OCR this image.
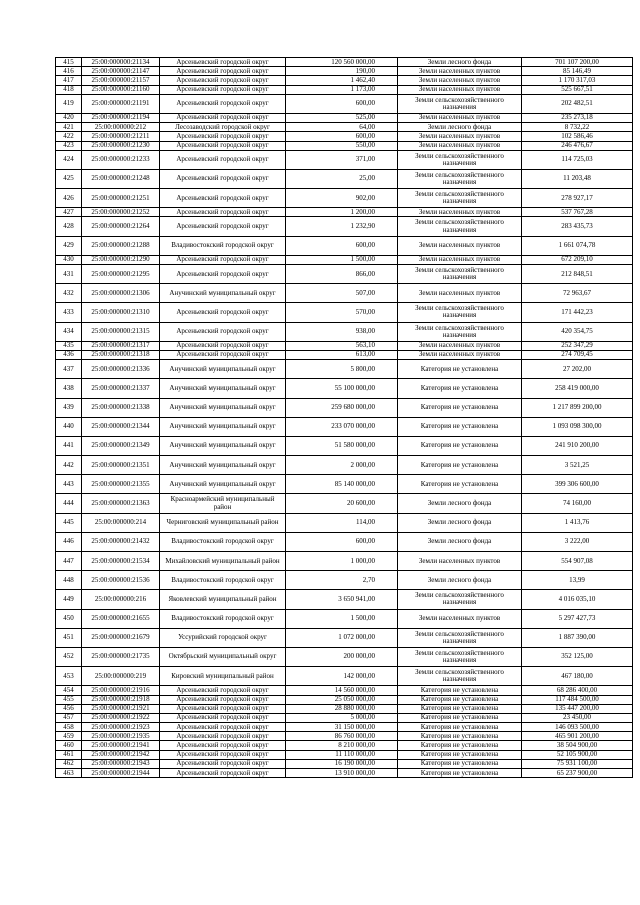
415	25:00:000000:21134	Арсеньевский городской округ	120 560 000,00	Земли лесного фонда	701 107 200,00
416	25:00:000000:21147	Арсеньевский городской округ	190,00	Земли населенных пунктов	85 146,49
417	25:00:000000:21157	Арсеньевский городской округ	1 462,40	Земли населенных пунктов	1 170 317,03
418	25:00:000000:21160	Арсеньевский городской округ	1 173,00	Земли населенных пунктов	525 667,51
419	25:00:000000:21191	Арсеньевский городской округ	600,00	Земли сельскохозяйственного назначения	202 482,51
420	25:00:000000:21194	Арсеньевский городской округ	525,00	Земли населенных пунктов	235 273,18
421	25:00:000000:212	Лесозаводский городской округ	64,00	Земли лесного фонда	8 732,22
422	25:00:000000:21211	Арсеньевский городской округ	600,00	Земли населенных пунктов	102 586,46
423	25:00:000000:21230	Арсеньевский городской округ	550,00	Земли населенных пунктов	246 476,67
424	25:00:000000:21233	Арсеньевский городской округ	371,00	Земли сельскохозяйственного назначения	114 725,03
425	25:00:000000:21248	Арсеньевский городской округ	25,00	Земли сельскохозяйственного назначения	11 203,48
426	25:00:000000:21251	Арсеньевский городской округ	902,00	Земли сельскохозяйственного назначения	278 927,17
427	25:00:000000:21252	Арсеньевский городской округ	1 200,00	Земли населенных пунктов	537 767,28
428	25:00:000000:21264	Арсеньевский городской округ	1 232,90	Земли сельскохозяйственного назначения	283 435,73
429	25:00:000000:21288	Владивостокский городской округ	600,00	Земли населенных пунктов	1 661 074,78
430	25:00:000000:21290	Арсеньевский городской округ	1 500,00	Земли населенных пунктов	672 209,10
431	25:00:000000:21295	Арсеньевский городской округ	866,00	Земли сельскохозяйственного назначения	212 848,51
432	25:00:000000:21306	Анучинский муниципальный округ	507,00	Земли населенных пунктов	72 963,67
433	25:00:000000:21310	Арсеньевский городской округ	570,00	Земли сельскохозяйственного назначения	171 442,23
434	25:00:000000:21315	Арсеньевский городской округ	938,00	Земли сельскохозяйственного назначения	420 354,75
435	25:00:000000:21317	Арсеньевский городской округ	563,10	Земли населенных пунктов	252 347,29
436	25:00:000000:21318	Арсеньевский городской округ	613,00	Земли населенных пунктов	274 709,45
437	25:00:000000:21336	Анучинский муниципальный округ	5 800,00	Категория не установлена	27 202,00
438	25:00:000000:21337	Анучинский муниципальный округ	55 100 000,00	Категория не установлена	258 419 000,00
439	25:00:000000:21338	Анучинский муниципальный округ	259 680 000,00	Категория не установлена	1 217 899 200,00
440	25:00:000000:21344	Анучинский муниципальный округ	233 070 000,00	Категория не установлена	1 093 098 300,00
441	25:00:000000:21349	Анучинский муниципальный округ	51 580 000,00	Категория не установлена	241 910 200,00
442	25:00:000000:21351	Анучинский муниципальный округ	2 000,00	Категория не установлена	3 521,25
443	25:00:000000:21355	Анучинский муниципальный округ	85 140 000,00	Категория не установлена	399 306 600,00
444	25:00:000000:21363	Красноармейский муниципальный район	20 600,00	Земли лесного фонда	74 160,00
445	25:00:000000:214	Черниговский муниципальный район	114,00	Земли лесного фонда	1 413,76
446	25:00:000000:21432	Владивостокский городской округ	600,00	Земли лесного фонда	3 222,00
447	25:00:000000:21534	Михайловский муниципальный район	1 000,00	Земли населенных пунктов	554 907,08
448	25:00:000000:21536	Владивостокский городской округ	2,70	Земли лесного фонда	13,99
449	25:00:000000:216	Яковлевский муниципальный район	3 650 941,00	Земли сельскохозяйственного назначения	4 016 035,10
450	25:00:000000:21655	Владивостокский городской округ	1 500,00	Земли населенных пунктов	5 297 427,73
451	25:00:000000:21679	Уссурийский городской округ	1 072 000,00	Земли сельскохозяйственного назначения	1 887 390,00
452	25:00:000000:21735	Октябрьский муниципальный округ	200 000,00	Земли сельскохозяйственного назначения	352 125,00
453	25:00:000000:219	Кировский муниципальный район	142 000,00	Земли сельскохозяйственного назначения	467 180,00
454	25:00:000000:21916	Арсеньевский городской округ	14 560 000,00	Категория не установлена	68 286 400,00
455	25:00:000000:21918	Арсеньевский городской округ	25 050 000,00	Категория не установлена	117 484 500,00
456	25:00:000000:21921	Арсеньевский городской округ	28 880 000,00	Категория не установлена	135 447 200,00
457	25:00:000000:21922	Арсеньевский городской округ	5 000,00	Категория не установлена	23 450,00
458	25:00:000000:21923	Арсеньевский городской округ	31 150 000,00	Категория не установлена	146 093 500,00
459	25:00:000000:21935	Арсеньевский городской округ	86 760 000,00	Категория не установлена	465 901 200,00
460	25:00:000000:21941	Арсеньевский городской округ	8 210 000,00	Категория не установлена	38 504 900,00
461	25:00:000000:21942	Арсеньевский городской округ	11 110 000,00	Категория не установлена	52 105 900,00
462	25:00:000000:21943	Арсеньевский городской округ	16 190 000,00	Категория не установлена	75 931 100,00
463	25:00:000000:21944	Арсеньевский городской округ	13 910 000,00	Категория не установлена	65 237 900,00
